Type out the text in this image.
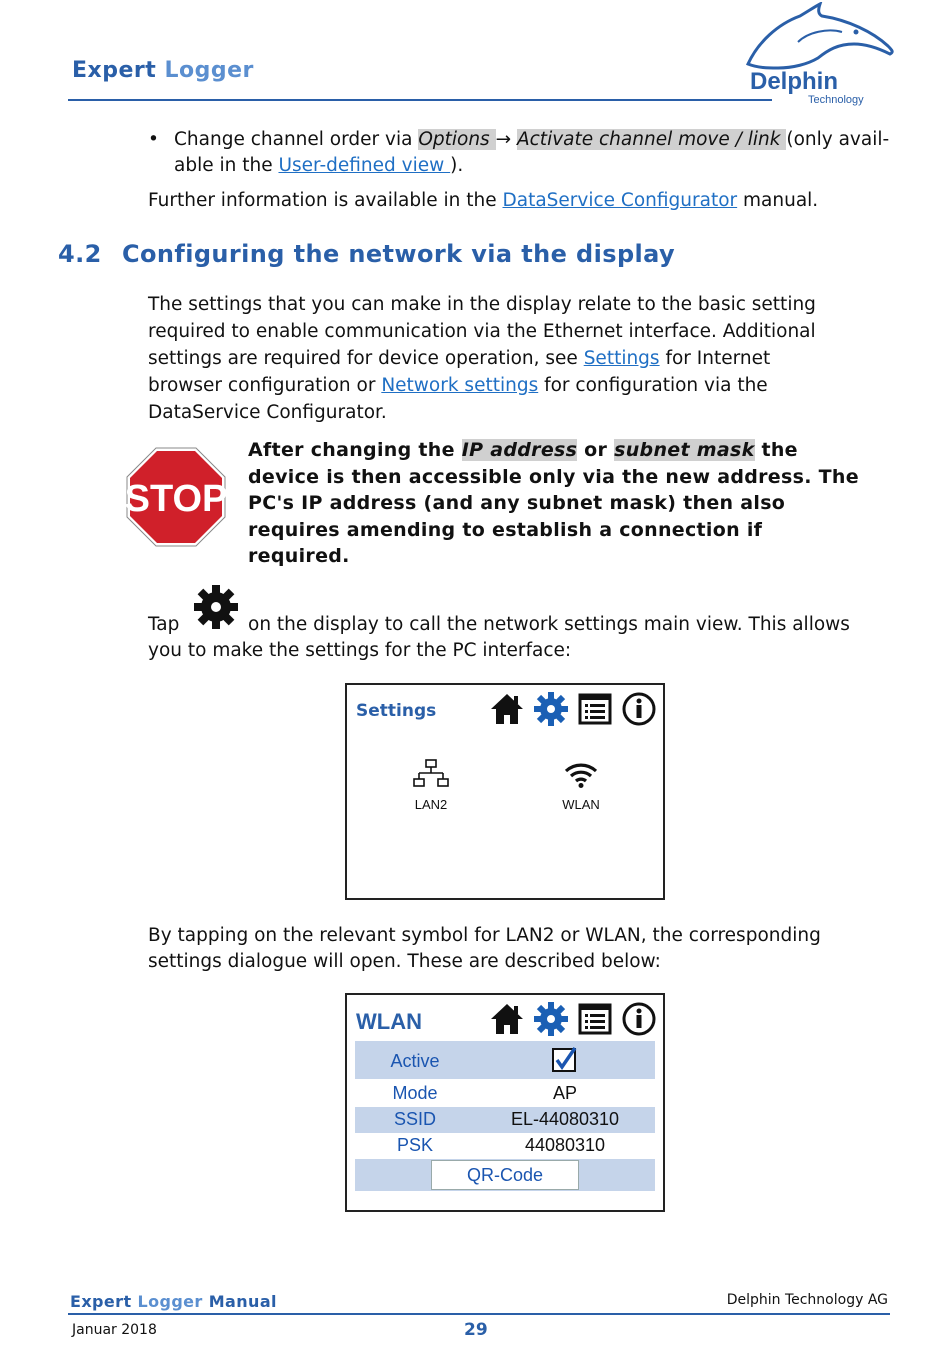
Expert Logger	Delphin
Technology
• Change channel order via Options → Activate channel move / link (only avail-
able in the User-defined view ).
Further information is available in the DataService Configurator manual.
4.2 Configuring the network via the display
The settings that you can make in the display relate to the basic setting
required to enable communication via the Ethernet interface. Additional
settings are required for device operation, see Settings for Internet
browser configuration or Network settings for configuration via the
DataService Configurator.
STOP
After changing the IP address or subnet mask the
device is then accessible only via the new address. The
PC's IP address (and any subnet mask) then also
requires amending to establish a connection if
required.
Tap	on the display to call the network settings main view. This allows
you to make the settings for the PC interface:
Settings
LAN2	WLAN
By tapping on the relevant symbol for LAN2 or WLAN, the corresponding
settings dialogue will open. These are described below:
WLAN
Active
Mode	AP
SSID	EL-44080310
PSK	44080310
QR-Code
Expert Logger Manual	Delphin Technology AG
Januar 2018	29
